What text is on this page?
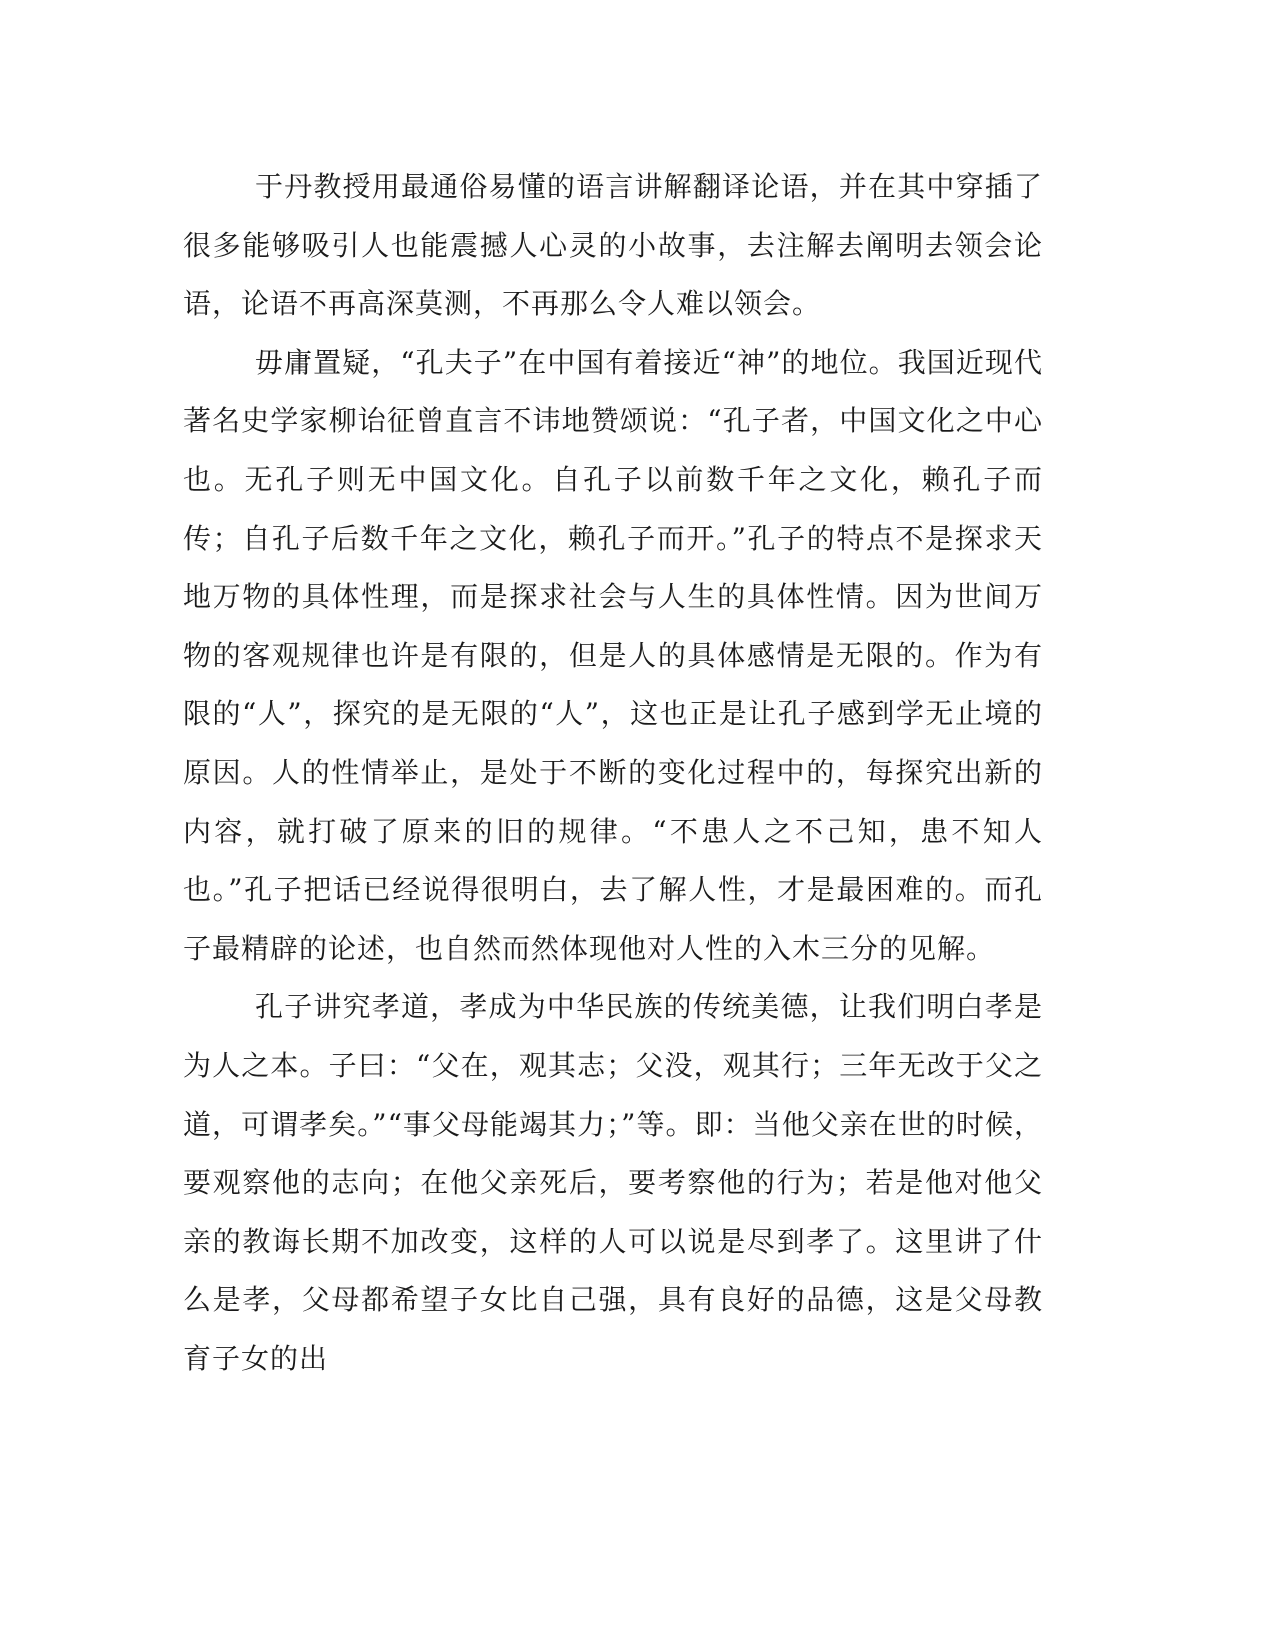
于丹教授用最通俗易懂的语言讲解翻译论语，并在其中穿插了很多能够吸引人也能震撼人心灵的小故事，去注解去阐明去领会论语，论语不再高深莫测，不再那么令人难以领会。

毋庸置疑，“孔夫子”在中国有着接近“神”的地位。我国近现代著名史学家柳诒征曾直言不讳地赞颂说：“孔子者，中国文化之中心也。无孔子则无中国文化。自孔子以前数千年之文化，赖孔子而传；自孔子后数千年之文化，赖孔子而开。”孔子的特点不是探求天地万物的具体性理，而是探求社会与人生的具体性情。因为世间万物的客观规律也许是有限的，但是人的具体感情是无限的。作为有限的“人”，探究的是无限的“人”，这也正是让孔子感到学无止境的原因。人的性情举止，是处于不断的变化过程中的，每探究出新的内容，就打破了原来的旧的规律。“不患人之不己知，患不知人也。”孔子把话已经说得很明白，去了解人性，才是最困难的。而孔子最精辟的论述，也自然而然体现他对人性的入木三分的见解。

孔子讲究孝道，孝成为中华民族的传统美德，让我们明白孝是为人之本。子曰：“父在，观其志；父没，观其行；三年无改于父之道，可谓孝矣。”“事父母能竭其力；”等。即：当他父亲在世的时候，要观察他的志向；在他父亲死后，要考察他的行为；若是他对他父亲的教诲长期不加改变，这样的人可以说是尽到孝了。这里讲了什么是孝，父母都希望子女比自己强，具有良好的品德，这是父母教育子女的出
